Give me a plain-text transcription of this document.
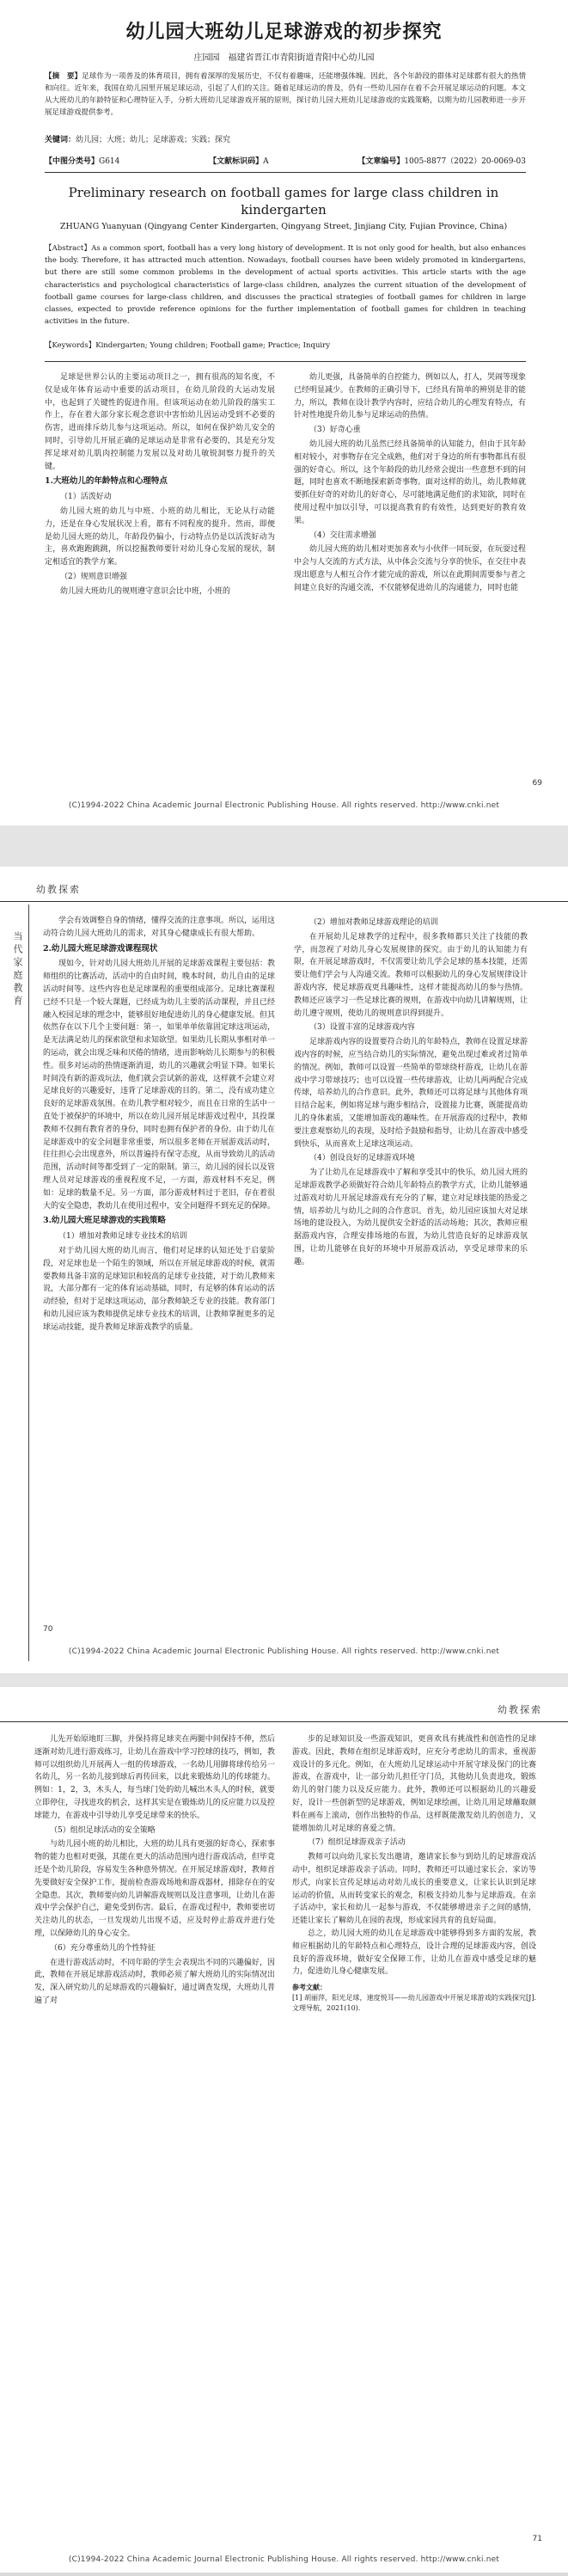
幼儿园大班幼儿足球游戏的初步探究
庄园园　福建省晋江市青阳街道青阳中心幼儿园
【摘　要】足球作为一项普及的体育项目，拥有着深厚的发展历史，不仅有着趣味，还能增强体魄。因此，各个年龄段的群体对足球都有很大的热情和向往。近年来，我国在幼儿园里开展足球运动，引起了人们的关注。随着足球运动的普及，仍有一些幼儿园存在着不会开展足球运动的问题。本文从大班幼儿的年龄特征和心理特征入手，分析大班幼儿足球游戏开展的原则，探讨幼儿园大班幼儿足球游戏的实践策略，以期为幼儿园教师进一步开展足球游戏提供参考。
关键词：幼儿园；大班；幼儿；足球游戏；实践；探究
【中图分类号】G614	【文献标识码】A	【文章编号】1005-8877（2022）20-0069-03
Preliminary research on football games for large class children in kindergarten
ZHUANG Yuanyuan (Qingyang Center Kindergarten, Qingyang Street, Jinjiang City, Fujian Province, China)
【Abstract】As a common sport, football has a very long history of development. It is not only good for health, but also enhances the body. Therefore, it has attracted much attention. Nowadays, football courses have been widely promoted in kindergartens, but there are still some common problems in the development of actual sports activities. This article starts with the age characteristics and psychological characteristics of large-class children, analyzes the current situation of the development of football game courses for large-class children, and discusses the practical strategies of football games for children in large classes, expected to provide reference opinions for the further implementation of football games for children in teaching activities in the future.
【Keywords】Kindergarten; Young children; Football game; Practice; Inquiry

足球是世界公认的主要运动项目之一，拥有很高的知名度，不仅是成年体育运动中重要的活动项目，在幼儿阶段的大运动发展中，也起到了关键性的促进作用。但该项运动在幼儿阶段的落实工作上，存在着大部分家长观念意识中害怕幼儿因运动受到不必要的伤害，进而排斥幼儿参与这项运动。所以，如何在保护幼儿安全的同时，引导幼儿开展正确的足球运动是非常有必要的，其是充分发挥足球对幼儿肌肉控制能力发展以及对幼儿敏锐洞察力提升的关键。

1.大班幼儿的年龄特点和心理特点
（1）活泼好动

幼儿园大班的幼儿与中班、小班的幼儿相比，无论从行动能力，还是在身心发展状况上看，都有不同程度的提升。然而，即便是幼儿园大班的幼儿，年龄段仍偏小，行动特点仍是以活泼好动为主，喜欢跑跑跳跳，所以挖掘教师要针对幼儿身心发展的现状，制定相适宜的教学方案。

（2）规则意识增强

幼儿园大班幼儿的规则遵守意识会比中班，小班的

幼儿更强，具备简单的自控能力，例如以人，打人，哭闹等现象已经明显减少。在教师的正确引导下，已经具有简单的辨别是非的能力，所以，教师在设计教学内容时，应结合幼儿的心理发育特点，有针对性地提升幼儿参与足球运动的热情。

（3）好奇心重

幼儿园大班的幼儿虽然已经具备简单的认知能力，但由于其年龄相对较小，对事物存在完全成熟，他们对于身边的所有事物都具有很强的好奇心。所以，这个年龄段的幼儿经常会提出一些意想不到的问题，同时也喜欢不断地探索新奇事物。面对这样的幼儿，幼儿教师就要抓住好奇的对幼儿的好奇心，尽可能地满足他们的求知欲，同时在使用过程中加以引导，可以提高教育的有效性，达到更好的教育效果。

（4）交往需求增强

幼儿园大班的幼儿相对更加喜欢与小伙伴一同玩耍，在玩耍过程中会与人交流的方式方法，从中体会交流与分享的快乐，在交往中表现出愿意与人相互合作才能完成的游戏，所以在此期间需要参与者之间建立良好的沟通交流，不仅能够促进幼儿的沟通能力，同时也能

69
(C)1994-2022 China Academic Journal Electronic Publishing House. All rights reserved. http://www.cnki.net
幼教探索
当代家庭教育

学会有效调整自身的情绪，懂得交流的注意事项。所以，运用这动符合幼儿园大班幼儿的需求，对其身心健康成长有很大帮助。

2.幼儿园大班足球游戏课程现状

现如今，针对幼儿园大班幼儿开展的足球游戏课程主要包括：教师组织的比赛活动，活动中的自由时间，晚本时间，幼儿自由的足球活动时间等。这些内容也是足球课程的重要组成部分。足球比赛课程已经不只是一个较大课题，已经成为幼儿主要的活动课程，并且已经融入校园足球的理念中，能够很好地促进幼儿的身心健康发展。但其依然存在以下几个主要问题：第一，如果单单依靠固定球这项运动，是无法满足幼儿的探索欲望和求知欲望。如果幼儿长期从事相对单一的运动，就会出现乏味和厌倦的情绪，进而影响幼儿长期参与的积极性。很多对运动的热情逐渐消退，幼儿的兴趣就会明显下降。如果长时间没有新的游戏玩法，他们就会尝试新的游戏，这样就不会建立对足球良好的兴趣爱好，违背了足球游戏的目的。第二，没有成功建立良好的足球游戏氛围。在幼儿教学相对较少，而且在日常的生活中一直处于被保护的环境中，所以在幼儿园开展足球游戏过程中，其投课教师不仅拥有教育者的身份，同时也拥有保护者的身份。由于幼儿在足球游戏中的安全问题非常重要，所以很多老师在开展游戏活动时，往往担心会出现意外，所以普遍持有保守态度，从而导致幼儿的活动范围，活动时间等都受到了一定的限制。第三，幼儿园的园长以及管理人员对足球游戏的重视程度不足，一方面，游戏材料不充足，例如：足球的数量不足。另一方面，部分游戏材料过于老旧，存在着很大的安全隐患，教幼儿在使用过程中，安全问题得不到充足的保障。

3.幼儿园大班足球游戏的实践策略
（1）增加对教师足球专业技术的培训

对于幼儿园大班的幼儿而言，他们对足球的认知还处于启蒙阶段，对足球也是一个陌生的领域，所以在开展足球游戏的时候，就需要教师具备丰富的足球知识和较高的足球专业技能，对于幼儿教师来说，大部分都有一定的体育运动基础，同时，有足够的体育运动的活动经验，但对于足球这项运动，部分教师缺乏专业的技能。教育部门和幼儿园应该为教师提供足球专业技术的培训，让教师掌握更多的足球运动技能，提升教师足球游戏教学的质量。

（2）增加对教师足球游戏理论的培训

在开展幼儿足球教学的过程中，很多教师都只关注了技能的教学，而忽视了对幼儿身心发展规律的探究。由于幼儿的认知能力有限，在开展足球游戏时，不仅需要让幼儿学会足球的基本技能，还需要让他们学会与人沟通交流。教师可以根据幼儿的身心发展规律设计游戏内容，使足球游戏更具趣味性，这样才能提高幼儿的参与热情。教师还应该学习一些足球比赛的规则，在游戏中向幼儿讲解规则，让幼儿遵守规则，使幼儿的规则意识得到提升。

（3）设置丰富的足球游戏内容

足球游戏内容的设置要符合幼儿的年龄特点，教师在设置足球游戏内容的时候，应当结合幼儿的实际情况，避免出现过难或者过简单的情况。例如，教师可以设置一些简单的带球绕杆游戏，让幼儿在游戏中学习带球技巧；也可以设置一些传球游戏，让幼儿两两配合完成传球，培养幼儿的合作意识。此外，教师还可以将足球与其他体育项目结合起来，例如将足球与跑步相结合，设置接力比赛，既能提高幼儿的身体素质，又能增加游戏的趣味性。在开展游戏的过程中，教师要注意观察幼儿的表现，及时给予鼓励和指导，让幼儿在游戏中感受到快乐，从而喜欢上足球这项运动。

（4）创设良好的足球游戏环境

为了让幼儿在足球游戏中了解和享受其中的快乐，幼儿园大班的足球游戏教学必须做好符合幼儿年龄特点的教学方式，让幼儿能够通过游戏对幼儿开展足球游戏有充分的了解，建立对足球技能的热爱之情，培养幼儿与幼儿之间的合作意识。首先，幼儿园应该加大对足球场地的建设投入，为幼儿提供安全舒适的活动场地；其次，教师应根据游戏内容，合理安排场地的布置，为幼儿营造良好的足球游戏氛围，让幼儿能够在良好的环境中开展游戏活动，享受足球带来的乐趣。

70
(C)1994-2022 China Academic Journal Electronic Publishing House. All rights reserved. http://www.cnki.net
幼教探索

儿先开始原地盯三脚，并保持将足球夹在两腿中间保持不伸，然后逐渐对幼儿进行游戏练习，让幼儿在游戏中学习控球的技巧，例如，教师可以组织幼儿开展两人一组的传球游戏，一名幼儿用脚将球传给另一名幼儿，另一名幼儿接到球后再传回来，以此来锻炼幼儿的传球能力。例如：1，2，3，木头人，每当球门处的幼儿喊出木头人的时候，就要立即停住，寻找进攻的机会，这样其实是在锻炼幼儿的反应能力以及控球能力，在游戏中引导幼儿享受足球带来的快乐。

（5）组织足球活动的安全策略

与幼儿园小班的幼儿相比，大班的幼儿具有更强的好奇心，探索事物的能力也相对更强，其能在更大的活动范围内进行游戏活动，但毕竟还是个幼儿阶段，容易发生各种意外情况。在开展足球游戏时，教师首先要做好安全保护工作，提前检查游戏场地和游戏器材，排除存在的安全隐患。其次，教师要向幼儿讲解游戏规则以及注意事项，让幼儿在游戏中学会保护自己，避免受到伤害。最后，在游戏过程中，教师要密切关注幼儿的状态，一旦发现幼儿出现不适，应及时停止游戏并进行处理，以保障幼儿的身心安全。

（6）充分尊重幼儿的个性特征

在进行游戏活动时，不同年龄的学生会表现出不同的兴趣偏好，因此，教师在开展足球游戏活动时，教师必须了解大班幼儿的实际情况出发，深入研究幼儿的足球游戏的兴趣偏好，通过调查发现，大班幼儿普遍了对

步的足球知识及一些游戏知识，更喜欢具有挑战性和创造性的足球游戏。因此，教师在组织足球游戏时，应充分考虑幼儿的需求，重视游戏设计的多元化。例如，在大班幼儿足球运动中开展守球及保门的比赛游戏，在游戏中，让一部分幼儿担任守门员，其他幼儿负责进攻，锻炼幼儿的射门能力以及反应能力。此外，教师还可以根据幼儿的兴趣爱好，设计一些创新型的足球游戏，例如足球绘画，让幼儿用足球蘸取颜料在画布上滚动，创作出独特的作品，这样既能激发幼儿的创造力，又能增加幼儿对足球的喜爱之情。

（7）组织足球游戏亲子活动

教师可以向幼儿家长发出邀请，邀请家长参与到幼儿的足球游戏活动中，组织足球游戏亲子活动。同时，教师还可以通过家长会、家访等形式，向家长宣传足球运动对幼儿成长的重要意义，让家长认识到足球运动的价值，从而转变家长的观念，积极支持幼儿参与足球游戏。在亲子活动中，家长和幼儿一起参与游戏，不仅能够增进亲子之间的感情，还能让家长了解幼儿在园的表现，形成家园共育的良好局面。

总之，幼儿园大班的幼儿在足球游戏中能够得到多方面的发展，教师应根据幼儿的年龄特点和心理特点，设计合理的足球游戏内容，创设良好的游戏环境，做好安全保障工作，让幼儿在游戏中感受足球的魅力，促进幼儿身心健康发展。

参考文献：
[1] 胡丽萍，阳光足球，速度悦耳——幼儿园游戏中开展足球游戏的实践探究[J]. 文理导航，2021(10).
71
(C)1994-2022 China Academic Journal Electronic Publishing House. All rights reserved. http://www.cnki.net
